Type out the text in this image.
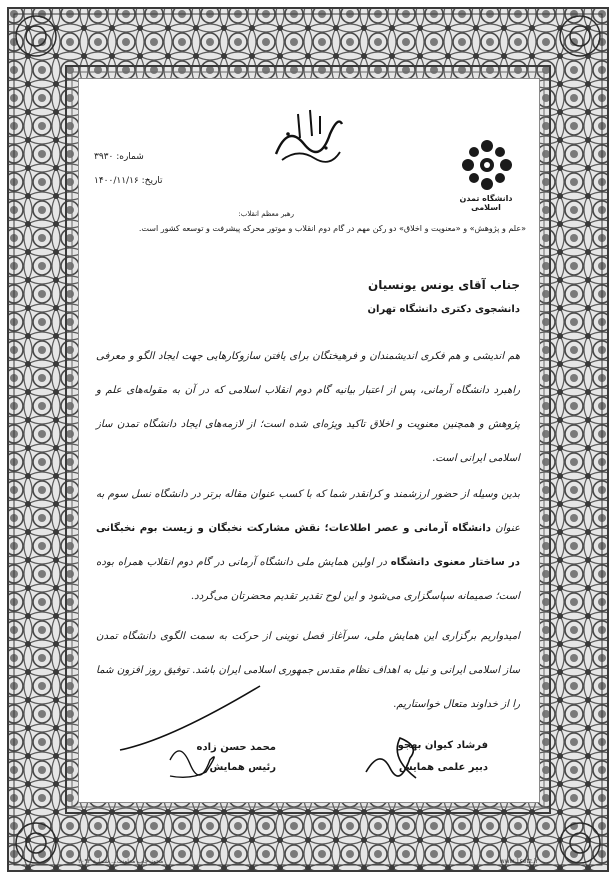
دانشگاه تمدن اسلامی
شماره: ۳۹۳۰
تاریخ: ۱۴۰۰/۱۱/۱۶
رهبر معظم انقلاب:
«علم و پژوهش» و «معنویت و اخلاق» دو رکن مهم در گام دوم انقلاب و موتور محرکه پیشرفت و توسعه کشور است.
جناب آقای یونس یونسیان
دانشجوی دکتری دانشگاه تهران
هم اندیشی و هم فکری اندیشمندان و فرهیختگان برای یافتن سازوکارهایی جهت ایجاد الگو و معرفی راهبرد دانشگاه آرمانی، پس از اعتبار بیانیه گام دوم انقلاب اسلامی که در آن به مقوله‌های علم و پژوهش و همچنین معنویت و اخلاق تاکید ویژه‌ای شده است؛ از لازمه‌های ایجاد دانشگاه تمدن ساز اسلامی ایرانی است.
بدین وسیله از حضور ارزشمند و کرانقدر شما که با کسب عنوان مقاله برتر در دانشگاه نسل سوم به عنوان دانشگاه آرمانی و عصر اطلاعات؛ نقش مشارکت نخبگان و زیست بوم نخبگانی در ساختار معنوی دانشگاه در اولین همایش ملی دانشگاه آرمانی در گام دوم انقلاب همراه بوده است؛ صمیمانه سپاسگزاری می‌شود و این لوح تقدیر تقدیم محضرتان می‌گردد.
امیدواریم برگزاری این همایش ملی، سرآغاز فصل نوینی از حرکت به سمت الگوی دانشگاه تمدن ساز اسلامی ایرانی و نیل به اهداف نظام مقدس جمهوری اسلامی ایران باشد. توفیق روز افزون شما را از خداوند متعال خواستاریم.
فرشاد کیوان بهجو
دبیر علمی همایش
محمد حسن زاده
رئیس همایش
مجوز چاپ معاونت... شماره ۳۰۹۳	www.1setz.ir
